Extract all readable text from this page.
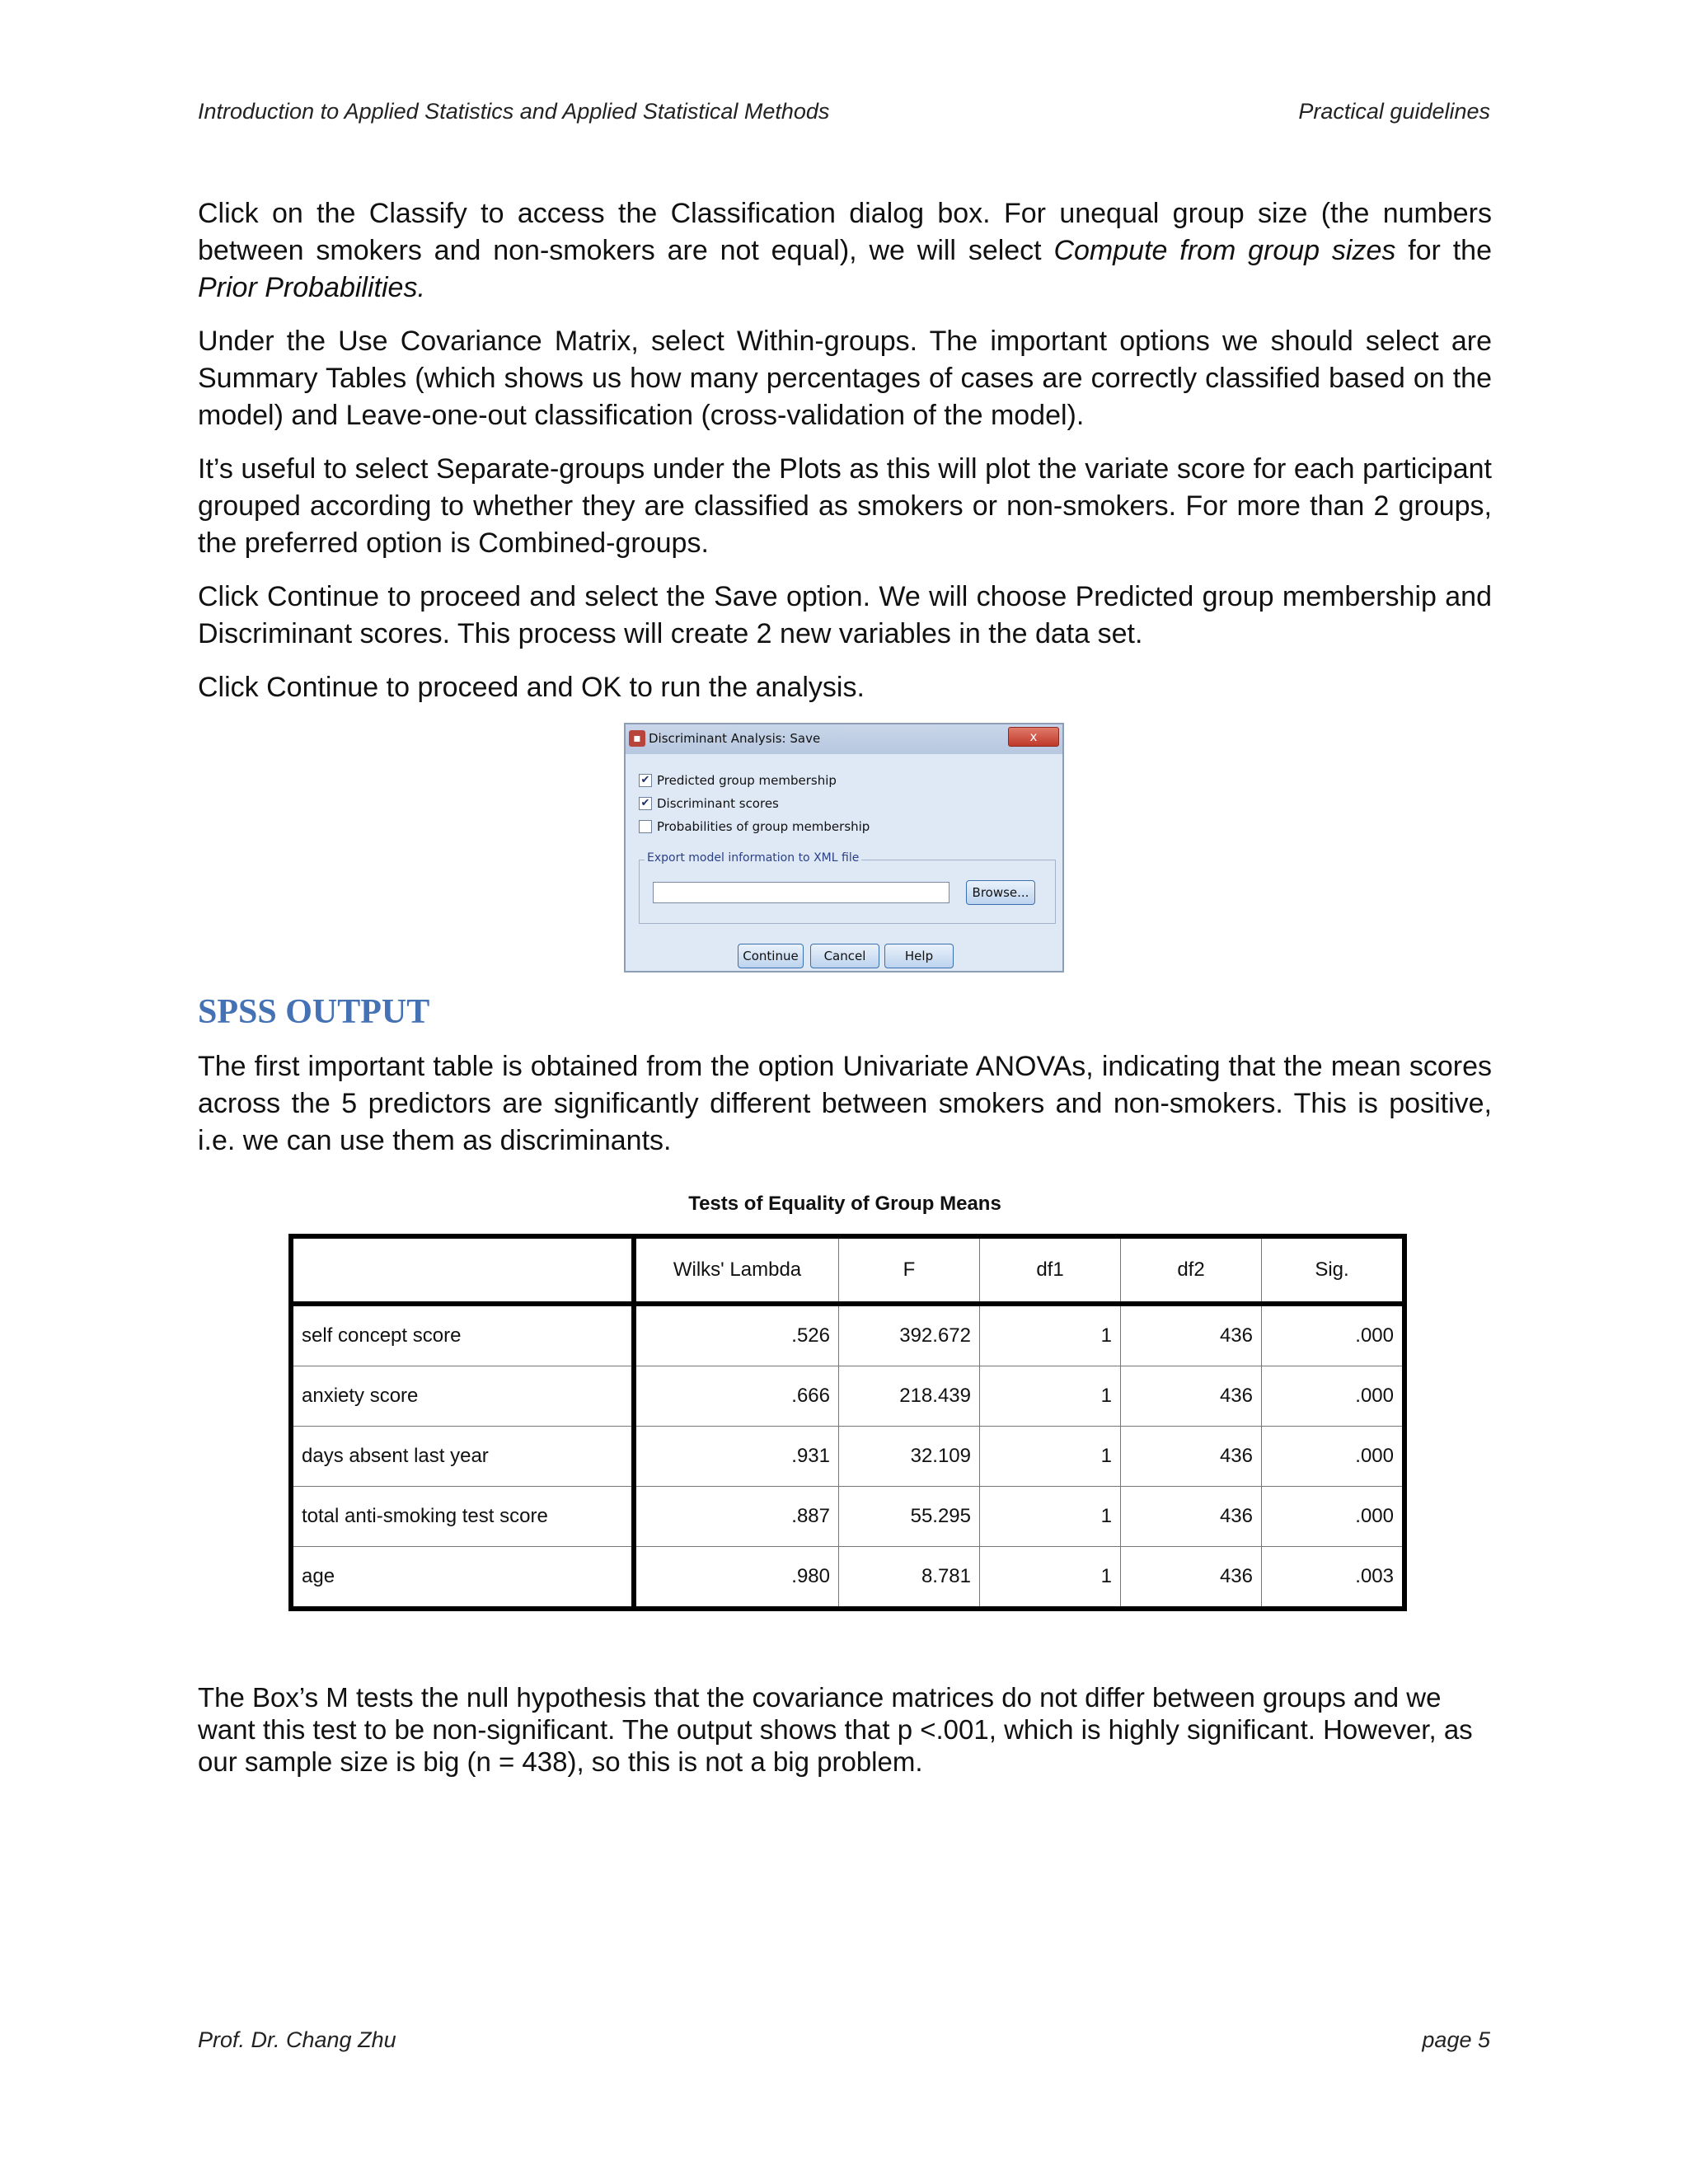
Introduction to Applied Statistics and Applied Statistical Methods	Practical guidelines

Click on the Classify to access the Classification dialog box. For unequal group size (the numbers between smokers and non-smokers are not equal), we will select Compute from group sizes for the Prior Probabilities.

Under the Use Covariance Matrix, select Within-groups. The important options we should select are Summary Tables (which shows us how many percentages of cases are correctly classified based on the model) and Leave-one-out classification (cross-validation of the model).

It’s useful to select Separate-groups under the Plots as this will plot the variate score for each participant grouped according to whether they are classified as smokers or non-smokers. For more than 2 groups, the preferred option is Combined-groups.

Click Continue to proceed and select the Save option. We will choose Predicted group membership and Discriminant scores. This process will create 2 new variables in the data set.

Click Continue to proceed and OK to run the analysis.

▪ Discriminant Analysis: Save	x
✔ Predicted group membership
✔ Discriminant scores
Probabilities of group membership
Export model information to XML file
Browse...
Continue	Cancel	Help
SPSS OUTPUT

The first important table is obtained from the option Univariate ANOVAs, indicating that the mean scores across the 5 predictors are significantly different between smokers and non-smokers. This is positive, i.e. we can use them as discriminants.

Tests of Equality of Group Means
	Wilks' Lambda	F	df1	df2	Sig.
self concept score	.526	392.672	1	436	.000
anxiety score	.666	218.439	1	436	.000
days absent last year	.931	32.109	1	436	.000
total anti-smoking test score	.887	55.295	1	436	.000
age	.980	8.781	1	436	.003
The Box’s M tests the null hypothesis that the covariance matrices do not differ between groups and we want this test to be non-significant. The output shows that p <.001, which is highly significant. However, as our sample size is big (n = 438), so this is not a big problem.
Prof. Dr. Chang Zhu	page 5
